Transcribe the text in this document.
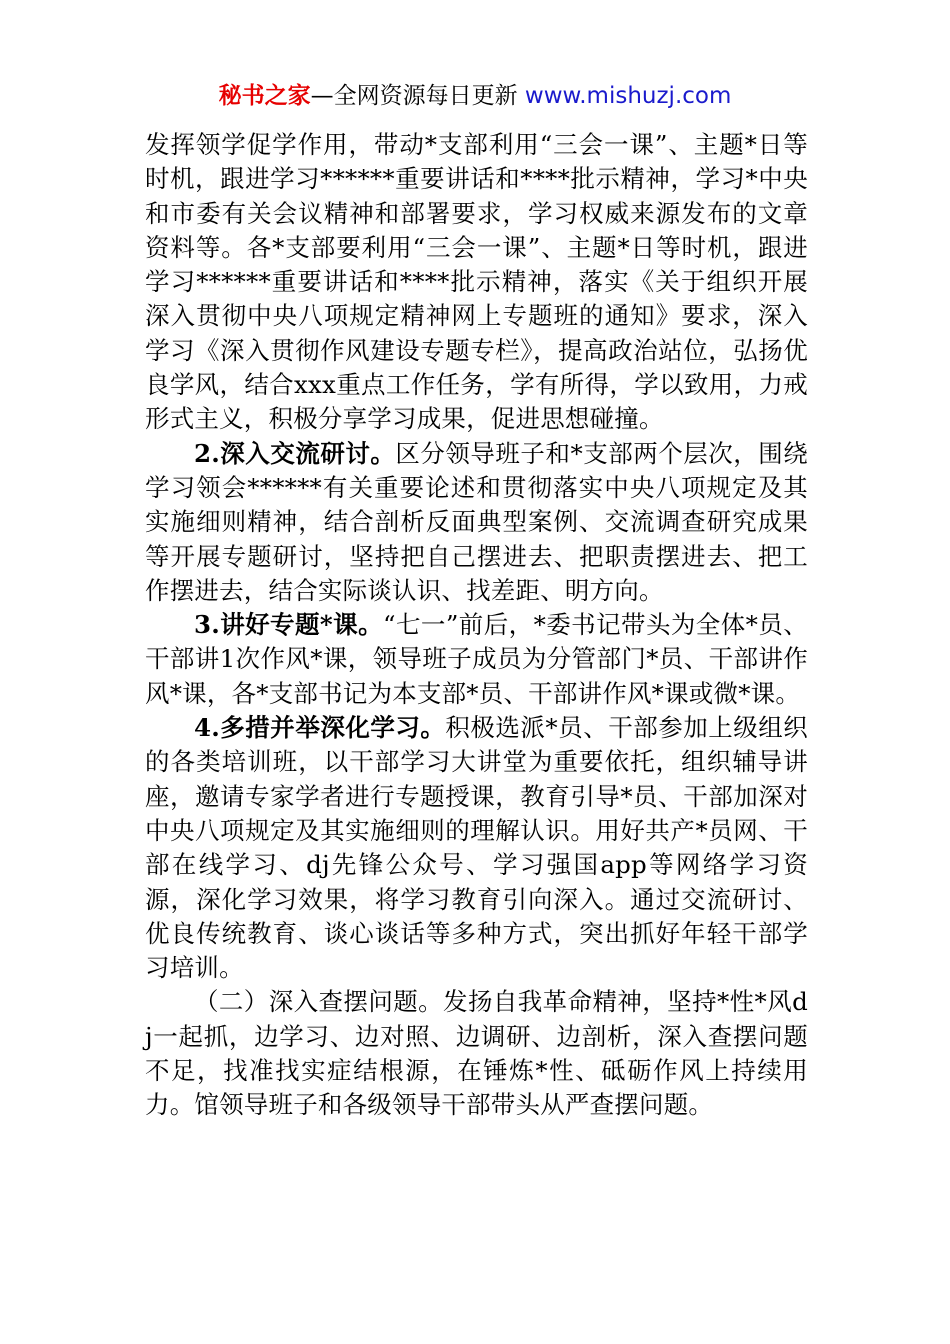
秘书之家—全网资源每日更新 www.mishuzj.com

发挥领学促学作用，带动*支部利用“三会一课”、主题*日等时机，跟进学习******重要讲话和****批示精神，学习*中央和市委有关会议精神和部署要求，学习权威来源发布的文章资料等。各*支部要利用“三会一课”、主题*日等时机，跟进学习******重要讲话和****批示精神，落实《关于组织开展深入贯彻中央八项规定精神网上专题班的通知》要求，深入学习《深入贯彻作风建设专题专栏》，提高政治站位，弘扬优良学风，结合xxx重点工作任务，学有所得，学以致用，力戒形式主义，积极分享学习成果，促进思想碰撞。

2.深入交流研讨。区分领导班子和*支部两个层次，围绕学习领会******有关重要论述和贯彻落实中央八项规定及其实施细则精神，结合剖析反面典型案例、交流调查研究成果等开展专题研讨，坚持把自己摆进去、把职责摆进去、把工作摆进去，结合实际谈认识、找差距、明方向。

3.讲好专题*课。“七一”前后，*委书记带头为全体*员、干部讲1次作风*课，领导班子成员为分管部门*员、干部讲作风*课，各*支部书记为本支部*员、干部讲作风*课或微*课。

4.多措并举深化学习。积极选派*员、干部参加上级组织的各类培训班，以干部学习大讲堂为重要依托，组织辅导讲座，邀请专家学者进行专题授课，教育引导*员、干部加深对中央八项规定及其实施细则的理解认识。用好共产*员网、干部在线学习、dj先锋公众号、学习强国app等网络学习资源，深化学习效果，将学习教育引向深入。通过交流研讨、优良传统教育、谈心谈话等多种方式，突出抓好年轻干部学习培训。

（二）深入查摆问题。发扬自我革命精神，坚持*性*风dj一起抓，边学习、边对照、边调研、边剖析，深入查摆问题不足，找准找实症结根源，在锤炼*性、砥砺作风上持续用力。馆领导班子和各级领导干部带头从严查摆问题。
